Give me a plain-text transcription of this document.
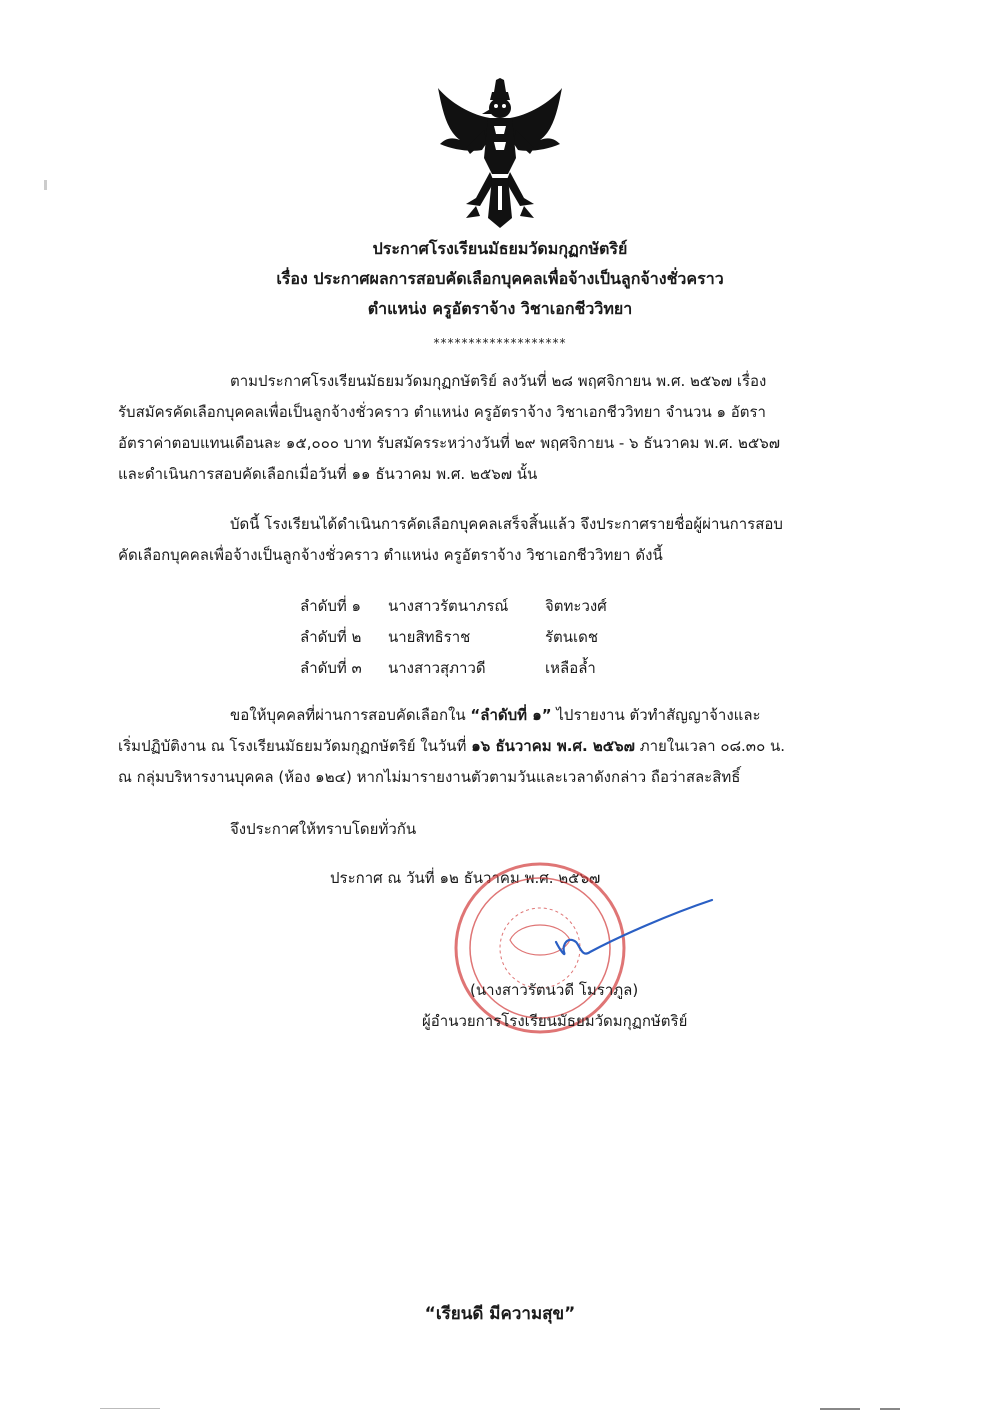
ประกาศโรงเรียนมัธยมวัดมกุฏกษัตริย์
เรื่อง ประกาศผลการสอบคัดเลือกบุคคลเพื่อจ้างเป็นลูกจ้างชั่วคราว
ตำแหน่ง ครูอัตราจ้าง วิชาเอกชีววิทยา
*******************

ตามประกาศโรงเรียนมัธยมวัดมกุฏกษัตริย์ ลงวันที่ ๒๘ พฤศจิกายน พ.ศ. ๒๕๖๗ เรื่อง

รับสมัครคัดเลือกบุคคลเพื่อเป็นลูกจ้างชั่วคราว ตำแหน่ง ครูอัตราจ้าง วิชาเอกชีววิทยา จำนวน ๑ อัตรา

อัตราค่าตอบแทนเดือนละ ๑๕,๐๐๐ บาท รับสมัครระหว่างวันที่ ๒๙ พฤศจิกายน - ๖ ธันวาคม พ.ศ. ๒๕๖๗

และดำเนินการสอบคัดเลือกเมื่อวันที่ ๑๑ ธันวาคม พ.ศ. ๒๕๖๗ นั้น

บัดนี้ โรงเรียนได้ดำเนินการคัดเลือกบุคคลเสร็จสิ้นแล้ว จึงประกาศรายชื่อผู้ผ่านการสอบ

คัดเลือกบุคคลเพื่อจ้างเป็นลูกจ้างชั่วคราว ตำแหน่ง ครูอัตราจ้าง วิชาเอกชีววิทยา ดังนี้

ลำดับที่ ๑ นางสาวรัตนาภรณ์ จิตทะวงศ์
ลำดับที่ ๒ นายสิทธิราช	รัตนเดช
ลำดับที่ ๓ นางสาวสุภาวดี	เหลือล้ำ

ขอให้บุคคลที่ผ่านการสอบคัดเลือกใน “ลำดับที่ ๑” ไปรายงาน ตัวทำสัญญาจ้างและ

เริ่มปฏิบัติงาน ณ โรงเรียนมัธยมวัดมกุฏกษัตริย์ ในวันที่ ๑๖ ธันวาคม พ.ศ. ๒๕๖๗ ภายในเวลา ๐๘.๓๐ น.

ณ กลุ่มบริหารงานบุคคล (ห้อง ๑๒๔) หากไม่มารายงานตัวตามวันและเวลาดังกล่าว ถือว่าสละสิทธิ์

จึงประกาศให้ทราบโดยทั่วกัน

ประกาศ ณ วันที่ ๑๒ ธันวาคม พ.ศ. ๒๕๖๗
(นางสาวรัตนวดี โมราภูล)
ผู้อำนวยการโรงเรียนมัธยมวัดมกุฏกษัตริย์
“เรียนดี มีความสุข”
